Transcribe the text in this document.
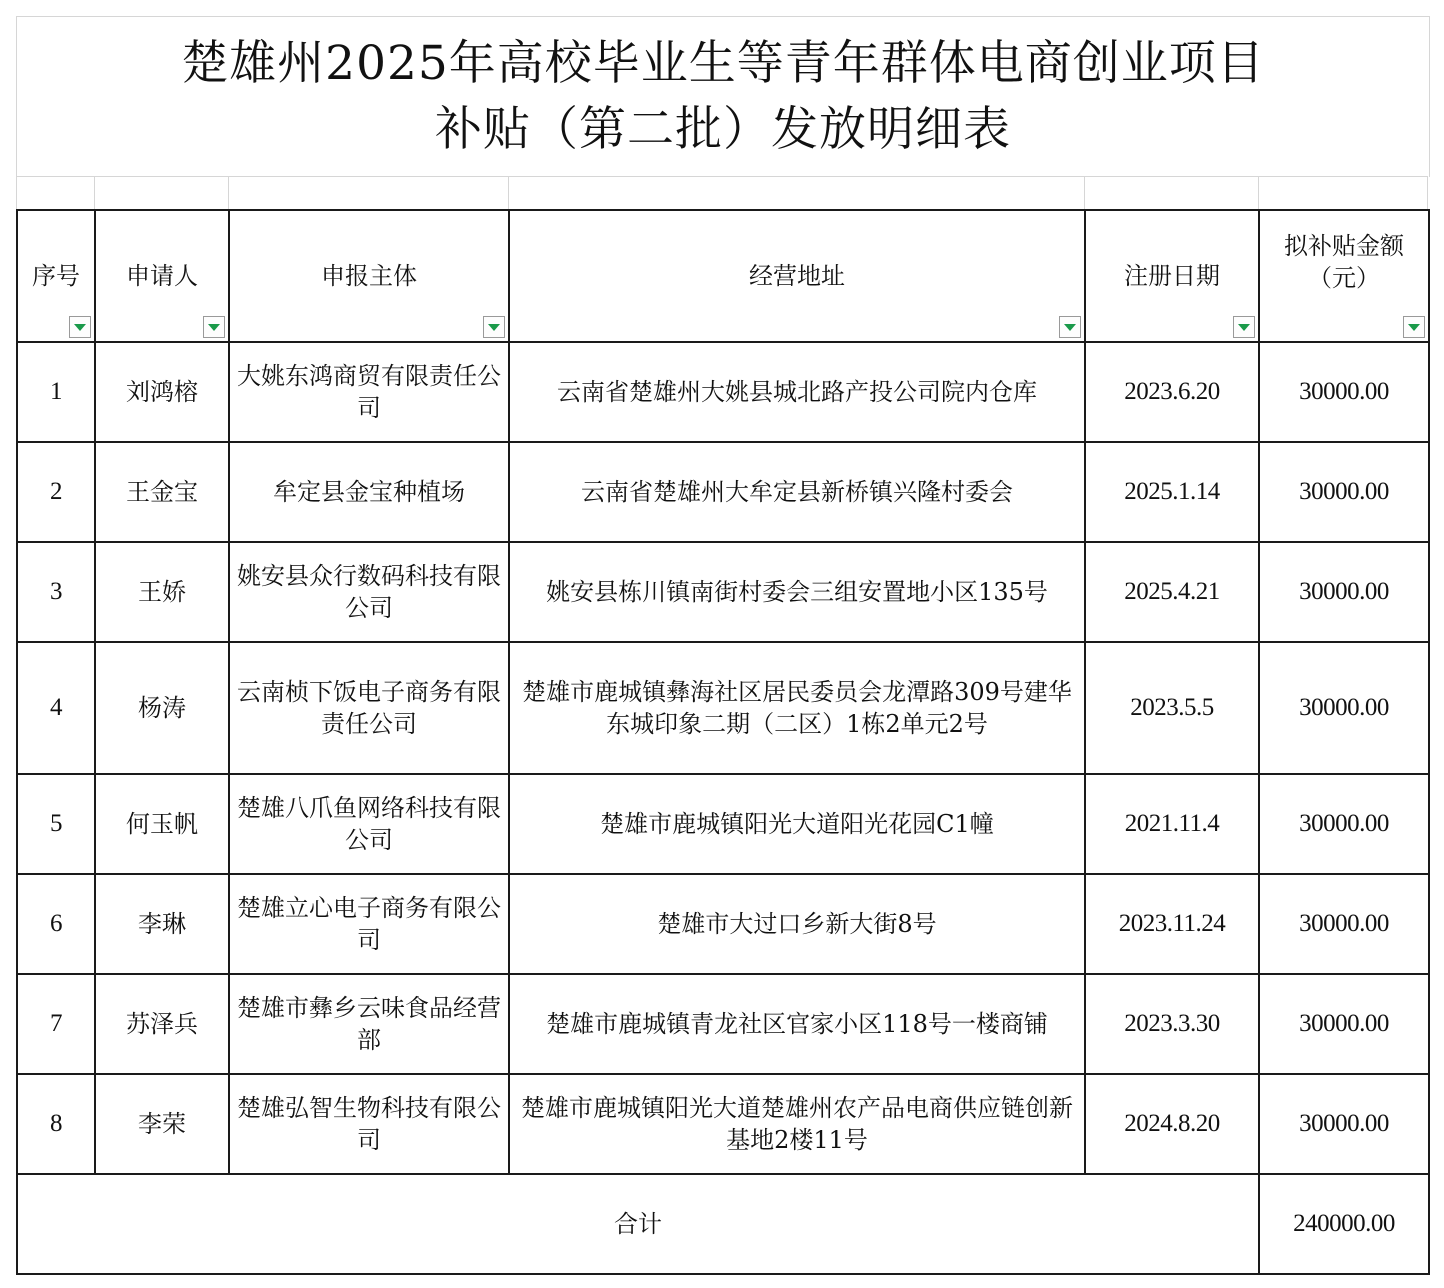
楚雄州2025年高校毕业生等青年群体电商创业项目
补贴（第二批）发放明细表
序号	申请人	申报主体	经营地址	注册日期	拟补贴金额（元）

1	刘鸿榕	大姚东鸿商贸有限责任公司	云南省楚雄州大姚县城北路产投公司院内仓库	2023.6.20	30000.00
2	王金宝	牟定县金宝种植场	云南省楚雄州大牟定县新桥镇兴隆村委会	2025.1.14	30000.00
3	王娇	姚安县众行数码科技有限公司	姚安县栋川镇南街村委会三组安置地小区135号	2025.4.21	30000.00
4	杨涛	云南桢下饭电子商务有限责任公司	楚雄市鹿城镇彝海社区居民委员会龙潭路309号建华东城印象二期（二区）1栋2单元2号	2023.5.5	30000.00
5	何玉帆	楚雄八爪鱼网络科技有限公司	楚雄市鹿城镇阳光大道阳光花园C1幢	2021.11.4	30000.00
6	李琳	楚雄立心电子商务有限公司	楚雄市大过口乡新大街8号	2023.11.24	30000.00
7	苏泽兵	楚雄市彝乡云味食品经营部	楚雄市鹿城镇青龙社区官家小区118号一楼商铺	2023.3.30	30000.00
8	李荣	楚雄弘智生物科技有限公司	楚雄市鹿城镇阳光大道楚雄州农产品电商供应链创新基地2楼11号	2024.8.20	30000.00
合计					240000.00
